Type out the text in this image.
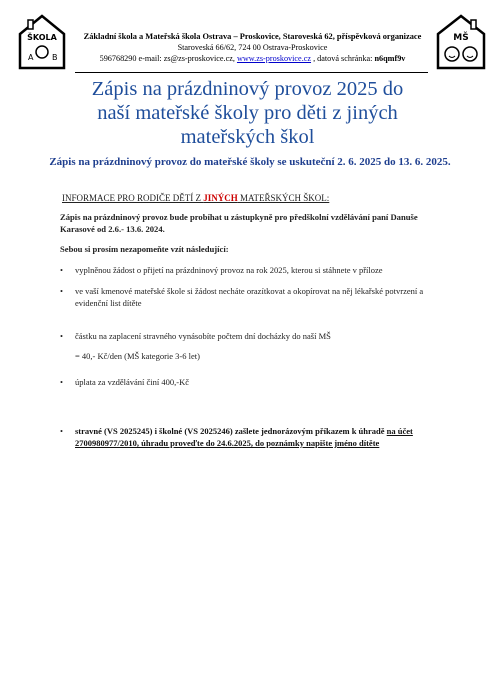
ŠKOLA
A B
MŠ
Základní škola a Mateřská škola Ostrava – Proskovice, Staroveská 62, příspěvková organizace
Staroveská 66/62, 724 00 Ostrava-Proskovice
596768290 e-mail: zs@zs-proskovice.cz, www.zs-proskovice.cz , datová schránka: n6qmf9v
Zápis na prázdninový provoz 2025 do
naší mateřské školy pro děti z jiných
mateřských škol
Zápis na prázdninový provoz do mateřské školy se uskuteční 2. 6. 2025 do 13. 6. 2025.
INFORMACE PRO RODIČE DĚTÍ Z JINÝCH MATEŘSKÝCH ŠKOL:
Zápis na prázdninový provoz bude probíhat u zástupkyně pro předškolní vzdělávání paní Danuše Karasové od 2.6.- 13.6. 2024.
Sebou si prosím nezapomeňte vzít následující:
•	vyplněnou žádost o přijetí na prázdninový provoz na rok 2025, kterou si stáhnete v příloze
•	ve vaší kmenové mateřské škole si žádost necháte orazítkovat a okopírovat na něj lékařské potvrzení a evidenční list dítěte
•	částku na zaplacení stravného vynásobíte počtem dní docházky do naší MŠ
= 40,- Kč/den (MŠ kategorie 3-6 let)
•	úplata za vzdělávání činí 400,-Kč
•	stravné (VS 2025245) i školné (VS 2025246) zašlete jednorázovým příkazem k úhradě na účet 2700980977/2010, úhradu proveďte do 24.6.2025, do poznámky napište jméno dítěte
